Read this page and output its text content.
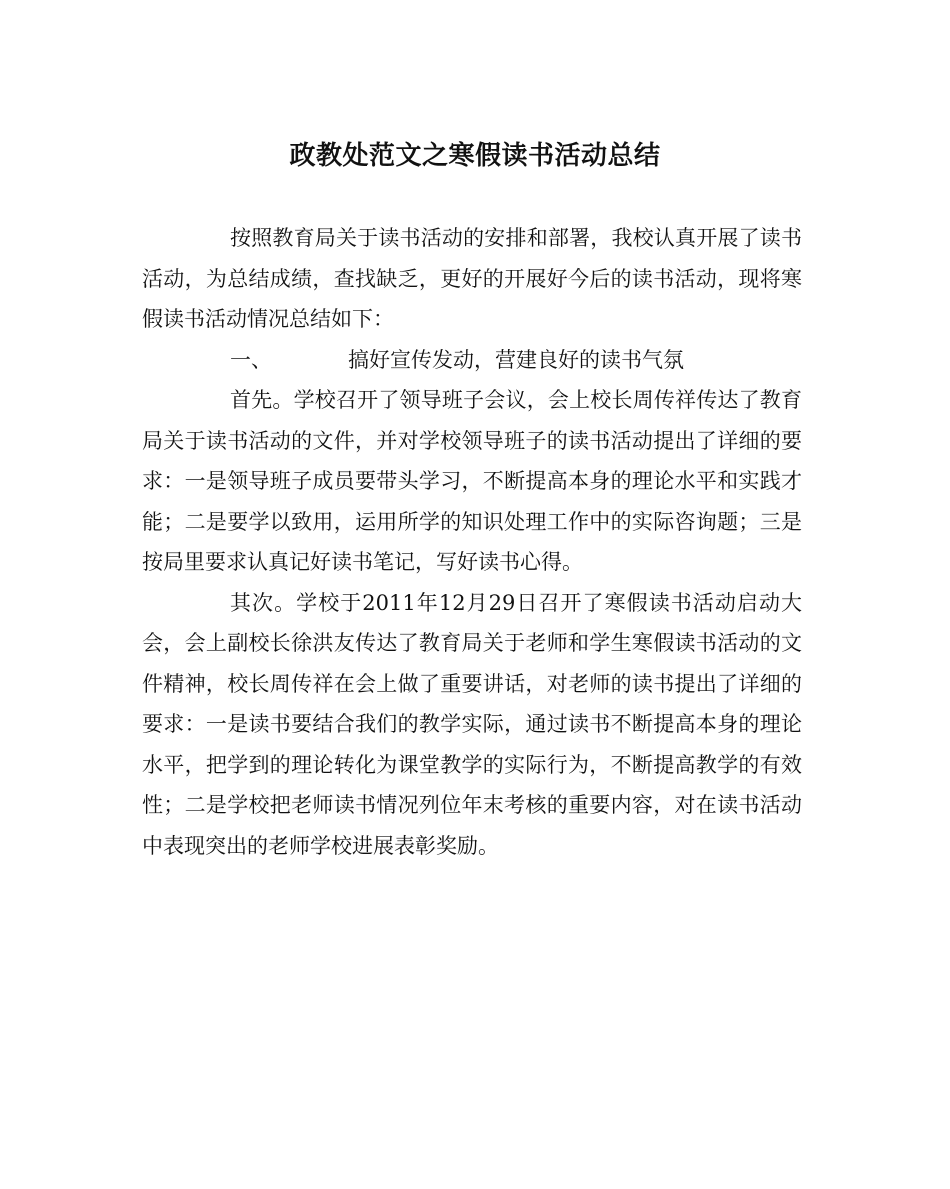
政教处范文之寒假读书活动总结

按照教育局关于读书活动的安排和部署，我校认真开展了读书活动，为总结成绩，查找缺乏，更好的开展好今后的读书活动，现将寒假读书活动情况总结如下：

一、	搞好宣传发动，营建良好的读书气氛

首先。学校召开了领导班子会议，会上校长周传祥传达了教育局关于读书活动的文件，并对学校领导班子的读书活动提出了详细的要求：一是领导班子成员要带头学习，不断提高本身的理论水平和实践才能；二是要学以致用，运用所学的知识处理工作中的实际咨询题；三是按局里要求认真记好读书笔记，写好读书心得。

其次。学校于2011年12月29日召开了寒假读书活动启动大会，会上副校长徐洪友传达了教育局关于老师和学生寒假读书活动的文件精神，校长周传祥在会上做了重要讲话，对老师的读书提出了详细的要求：一是读书要结合我们的教学实际，通过读书不断提高本身的理论水平，把学到的理论转化为课堂教学的实际行为，不断提高教学的有效性；二是学校把老师读书情况列位年末考核的重要内容，对在读书活动中表现突出的老师学校进展表彰奖励。
